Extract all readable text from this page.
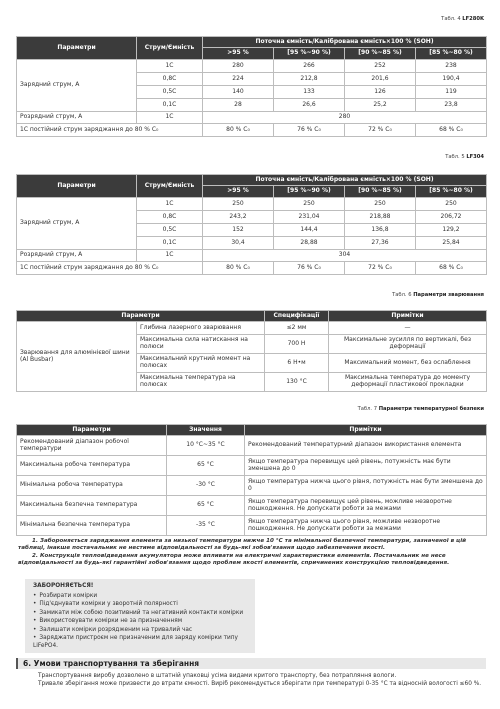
Табл. 4 LF280K
Параметри	Струм/Ємність	Поточна ємність/Калібрована ємність×100 % (SOH)			
		>95 %	[95 %~90 %)	[90 %~85 %)	[85 %~80 %)
Зарядний струм, А	1C	280	266	252	238
	0,8C	224	212,8	201,6	190,4
	0,5C	140	133	126	119
	0,1C	28	26,6	25,2	23,8
Розрядний струм, А	1C	280			
1С постійний струм заряджання до 80 % C₀		80 % C₀	76 % C₀	72 % C₀	68 % C₀
Табл. 5 LF304
Параметри	Струм/Ємність	Поточна ємність/Калібрована ємність×100 % (SOH)			
		>95 %	[95 %~90 %)	[90 %~85 %)	[85 %~80 %)
Зарядний струм, А	1C	250	250	250	250
	0,8C	243,2	231,04	218,88	206,72
	0,5C	152	144,4	136,8	129,2
	0,1C	30,4	28,88	27,36	25,84
Розрядний струм, А	1C	304			
1С постійний струм заряджання до 80 % C₀		80 % C₀	76 % C₀	72 % C₀	68 % C₀
Табл. 6 Параметри зварювання
Параметри		Специфікації	Примітки
Зварювання для алюмінієвої шини (Al Busbar)	Глибина лазерного зварювання	≤2 мм	—
	Максимальна сила натискання на полюси	700 Н	Максимальне зусилля по вертикалі, без деформації
	Максимальний крутний момент на полюсах	6 Н•м	Максимальний момент, без ослаблення
	Максимальна температура на полюсах	130 °C	Максимальна температура до моменту деформації пластикової прокладки
Табл. 7 Параметри температурної безпеки
Параметри	Значення	Примітки
Рекомендований діапазон робочої температури	10 °C~35 °C	Рекомендований температурний діапазон використання елемента
Максимальна робоча температура	65 °C	Якщо температура перевищує цей рівень, потужність має бути зменшена до 0
Мінімальна робоча температура	-30 °C	Якщо температура нижча цього рівня, потужність має бути зменшена до 0
Максимальна безпечна температура	65 °C	Якщо температура перевищує цей рівень, можливе незворотне пошкодження. Не допускати роботи за межами
Мінімальна безпечна температура	-35 °C	Якщо температура нижча цього рівня, можливе незворотне пошкодження. Не допускати роботи за межами

1. Забороняється заряджання елемента за низької температури нижче 10 °C та мінімальної безпечної температури, зазначеної в цій таблиці, інакше постачальник не нестиме відповідальності за будь-які зобов'язання щодо забезпечення якості.

2. Конструкція тепловідведення акумулятора може впливати на електричні характеристики елементів. Постачальник не несе відповідальності за будь-які гарантійні зобов'язання щодо проблем якості елементів, спричинених конструкцією тепловідведення.

ЗАБОРОНЯЄТЬСЯ!
• Розбирати комірки
• Під'єднувати комірки у зворотній полярності
• Замикати між собою позитивний та негативний контакти комірки
• Використовувати комірки не за призначенням
• Залишати комірки розрядженим на тривалий час
• Заряджати пристроєм не призначеним для заряду комірки типу LiFePO4.
6. Умови транспортування та зберігання

Транспортування виробу дозволено в штатній упаковці усіма видами критого транспорту, без потрапляння вологи.

Тривале зберігання може призвести до втрати ємності. Виріб рекомендується зберігати при температурі 0-35 °C та відносній вологості ≤60 %.
